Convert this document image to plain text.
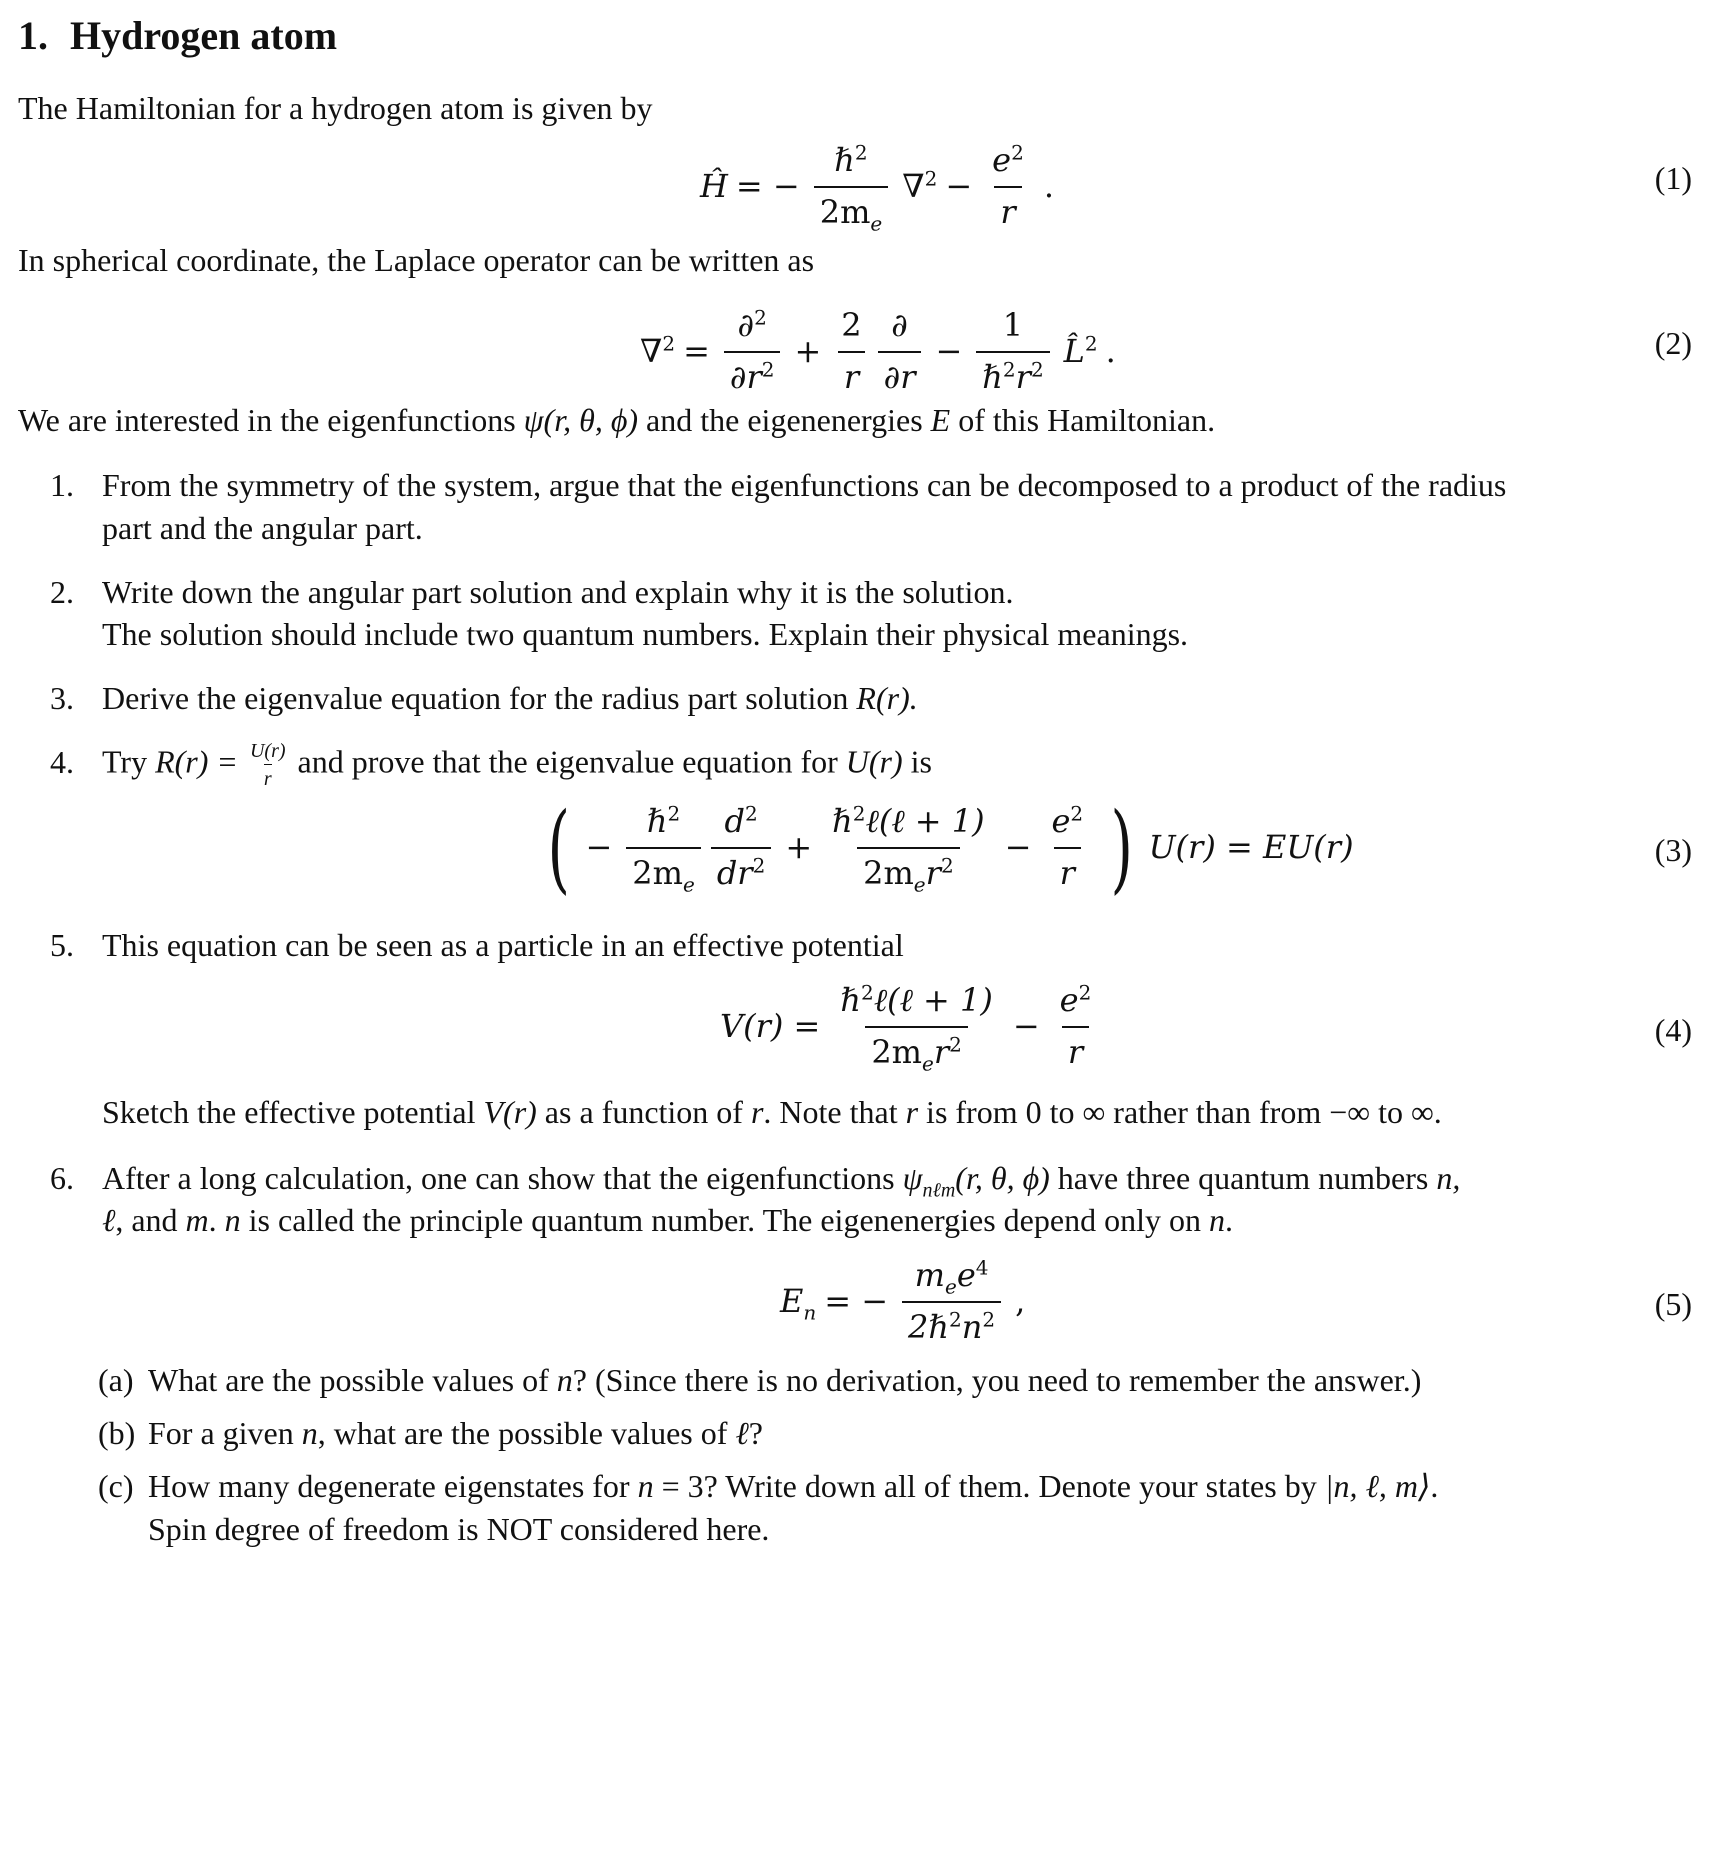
1. Hydrogen atom
The Hamiltonian for a hydrogen atom is given by
Ĥ = − $\frac{\hbar^2}{2m_e} \nabla^2 - \frac{e^2}{r}$ .	(1)
In spherical coordinate, the Laplace operator can be written as
$\nabla^2 = \frac{\partial^2}{\partial r^2} + \frac{2}{r} \frac{\partial}{\partial r} - \frac{1}{\hbar^2r^2}$ L̂$^2$ .	(2)
We are interested in the eigenfunctions ψ(r, θ, ϕ) and the eigenenergies E of this Hamiltonian.
1. From the symmetry of the system, argue that the eigenfunctions can be decomposed to a product of the radius
part and the angular part.
2. Write down the angular part solution and explain why it is the solution.
The solution should include two quantum numbers. Explain their physical meanings.
3. Derive the eigenvalue equation for the radius part solution R(r).
4. Try $R(r) = \frac{U(r)}{r}$ and prove that the eigenvalue equation for U(r) is
( − $\frac{\hbar^2}{2m_e} \frac{d^2}{dr^2} + \frac{\hbar^2\ell(\ell + 1)}{2m_er^2} - \frac{e^2}{r}$ ) U(r) = EU(r)	(3)
5. This equation can be seen as a particle in an effective potential
$V(r) = \frac{\hbar^2\ell(\ell + 1)}{2m_er^2} - \frac{e^2}{r}$	(4)
Sketch the effective potential V(r) as a function of r. Note that r is from 0 to ∞ rather than from −∞ to ∞.
6. After a long calculation, one can show that the eigenfunctions $\psi_{n\ell m}(r$, θ, ϕ) have three quantum numbers n,
ℓ, and m. n is called the principle quantum number. The eigenenergies depend only on n.
$E_n$ = − $\frac{m_ee^4}{2\hbar^2n^2}$ ,	(5)
(a) What are the possible values of n? (Since there is no derivation, you need to remember the answer.)
(b) For a given n, what are the possible values of ℓ?
(c) How many degenerate eigenstates for n = 3? Write down all of them. Denote your states by |n, ℓ, m⟩.
Spin degree of freedom is NOT considered here.
